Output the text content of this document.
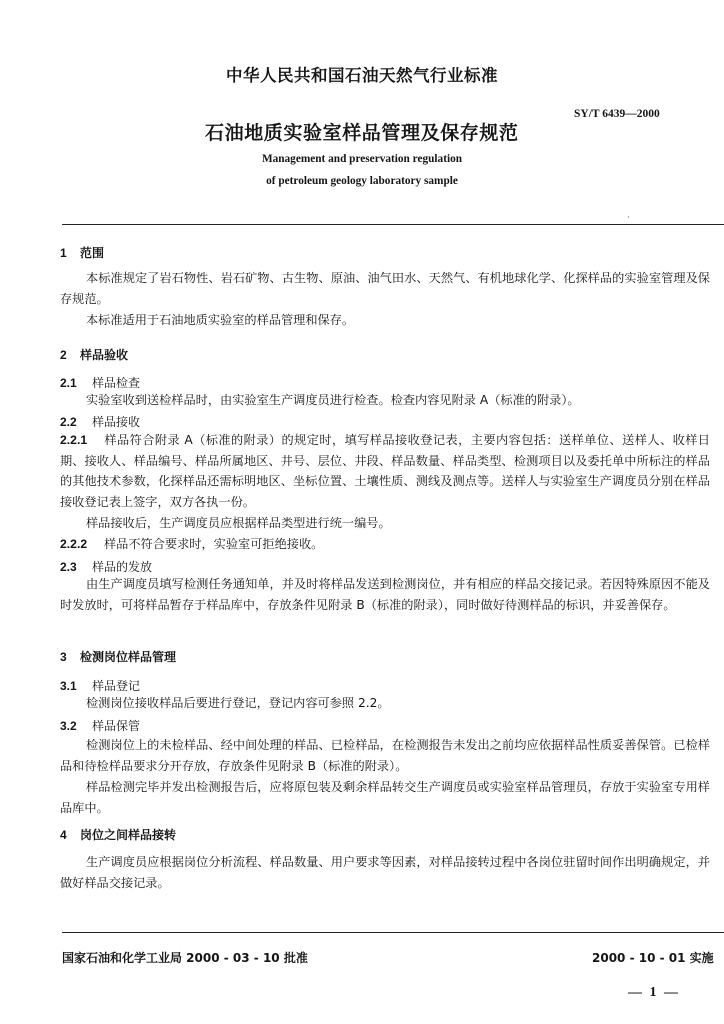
中华人民共和国石油天然气行业标准
石油地质实验室样品管理及保存规范
SY/T 6439—2000
Management and preservation regulation
of petroleum geology laboratory sample
·
1 范围
本标准规定了岩石物性、岩石矿物、古生物、原油、油气田水、天然气、有机地球化学、化探样品的实验室管理及保存规范。
本标准适用于石油地质实验室的样品管理和保存。
2 样品验收
2.1 样品检查
实验室收到送检样品时，由实验室生产调度员进行检查。检查内容见附录 A（标准的附录）。
2.2 样品接收
2.2.1 样品符合附录 A（标准的附录）的规定时，填写样品接收登记表，主要内容包括：送样单位、送样人、收样日期、接收人、样品编号、样品所属地区、井号、层位、井段、样品数量、样品类型、检测项目以及委托单中所标注的样品的其他技术参数，化探样品还需标明地区、坐标位置、土壤性质、测线及测点等。送样人与实验室生产调度员分别在样品接收登记表上签字，双方各执一份。
样品接收后，生产调度员应根据样品类型进行统一编号。
2.2.2 样品不符合要求时，实验室可拒绝接收。
2.3 样品的发放
由生产调度员填写检测任务通知单，并及时将样品发送到检测岗位，并有相应的样品交接记录。若因特殊原因不能及时发放时，可将样品暂存于样品库中，存放条件见附录 B（标准的附录），同时做好待测样品的标识，并妥善保存。
3 检测岗位样品管理
3.1 样品登记
检测岗位接收样品后要进行登记，登记内容可参照 2.2。
3.2 样品保管
检测岗位上的未检样品、经中间处理的样品、已检样品，在检测报告未发出之前均应依据样品性质妥善保管。已检样品和待检样品要求分开存放，存放条件见附录 B（标准的附录）。
样品检测完毕并发出检测报告后，应将原包装及剩余样品转交生产调度员或实验室样品管理员，存放于实验室专用样品库中。
4 岗位之间样品接转
生产调度员应根据岗位分析流程、样品数量、用户要求等因素，对样品接转过程中各岗位驻留时间作出明确规定，并做好样品交接记录。
国家石油和化学工业局 2000 - 03 - 10 批准	2000 - 10 - 01 实施
— 1 —
